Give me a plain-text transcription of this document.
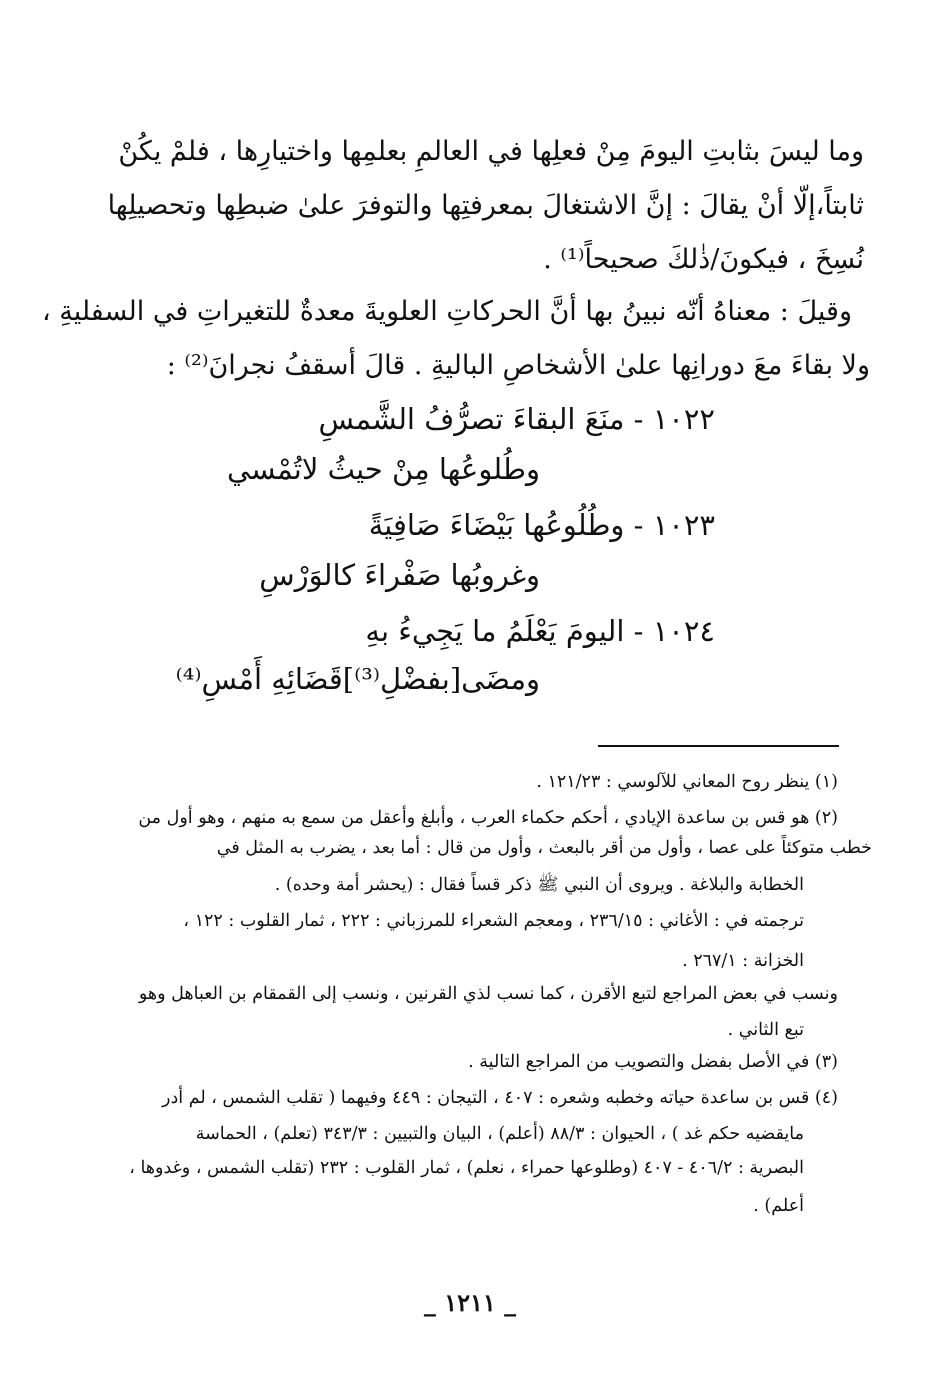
وما ليسَ بثابتِ اليومَ مِنْ فعلِها في العالمِ بعلمِها واختيارِها ، فلمْ يكُنْ
ثابتاً،إلّا أنْ يقالَ : إنَّ الاشتغالَ بمعرفتِها والتوفرَ علىٰ ضبطِها وتحصيلِها
نُسِخَ ، فيكونَ/ذٰلكَ صحيحاً⁽¹⁾ .
وقيلَ : معناهُ أنّه نبينُ بها أنَّ الحركاتِ العلويةَ معدةٌ للتغيراتِ في السفليةِ ،
ولا بقاءَ معَ دورانِها علىٰ الأشخاصِ الباليةِ . قالَ أسقفُ نجرانَ⁽²⁾ :
١٠٢٢ - منَعَ البقاءَ تصرُّفُ الشَّمسِ
وطُلوعُها مِنْ حيثُ لاتُمْسي
١٠٢٣ - وطُلُوعُها بَيْضَاءَ صَافِيَةً
وغروبُها صَفْراءَ كالوَرْسِ
١٠٢٤ - اليومَ يَعْلَمُ ما يَجِيءُ بهِ
ومضَى[بفضْلِ⁽³⁾]قَضَائِهِ أَمْسِ⁽⁴⁾
(١) ينظر روح المعاني للآلوسي : ١٢١/٢٣ .
(٢) هو قس بن ساعدة الإيادي ، أحكم حكماء العرب ، وأبلغ وأعقل من سمع به منهم ، وهو أول من
خطب متوكئاً على عصا ، وأول من أقر بالبعث ، وأول من قال : أما بعد ، يضرب به المثل في
الخطابة والبلاغة . ويروى أن النبي ﷺ ذكر قساً فقال : (يحشر أمة وحده) .
ترجمته في : الأغاني : ٢٣٦/١٥ ، ومعجم الشعراء للمرزباني : ٢٢٢ ، ثمار القلوب : ١٢٢ ،
الخزانة : ٢٦٧/١ .
ونسب في بعض المراجع لتبع الأقرن ، كما نسب لذي القرنين ، ونسب إلى القمقام بن العباهل وهو
تبع الثاني .
(٣) في الأصل بفضل والتصويب من المراجع التالية .
(٤) قس بن ساعدة حياته وخطبه وشعره : ٤٠٧ ، التيجان : ٤٤٩ وفيهما ( تقلب الشمس ، لم أدر
مايقضيه حكم غد ) ، الحيوان : ٨٨/٣ (أعلم) ، البيان والتبيين : ٣٤٣/٣ (تعلم) ، الحماسة
البصرية : ٤٠٦/٢ - ٤٠٧ (وطلوعها حمراء ، نعلم) ، ثمار القلوب : ٢٣٢ (تقلب الشمس ، وغدوها ،
أعلم) .
_ ١٢١١ _
